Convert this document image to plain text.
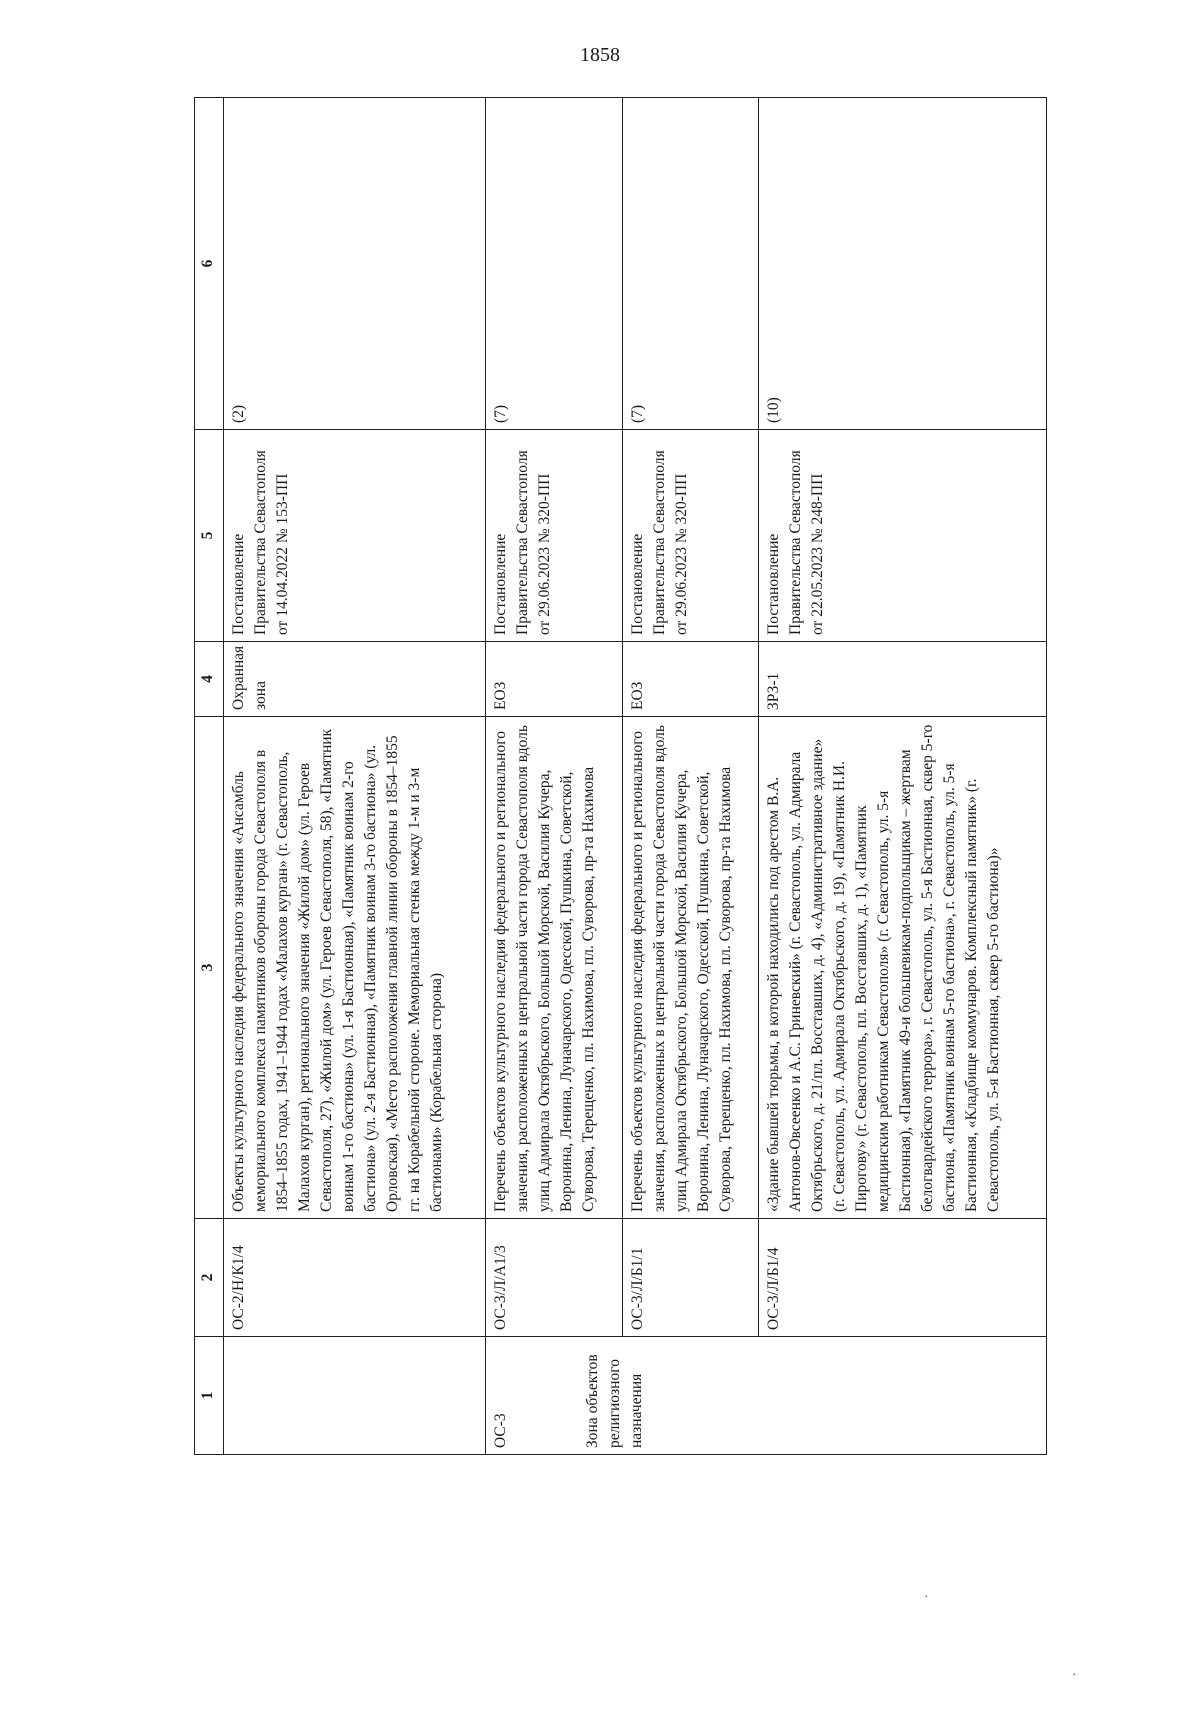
1858
1	2	3	4	5	6
	ОС-2/Н/К1/4	Объекты культурного наследия федерального значения «Ансамбль мемориального комплекса памятников обороны города Севастополя в 1854–1855 годах, 1941–1944 годах «Малахов курган» (г. Севастополь, Малахов курган), регионального значения «Жилой дом» (ул. Героев Севастополя, 27), «Жилой дом» (ул. Героев Севастополя, 58), «Памятник воинам 1-го бастиона» (ул. 1-я Бастионная), «Памятник воинам 2-го бастиона» (ул. 2-я Бастионная), «Памятник воинам 3-го бастиона» (ул. Орловская), «Место расположения главной линии обороны в 1854–1855 гг. на Корабельной стороне. Мемориальная стенка между 1-м и 3-м бастионами» (Корабельная сторона)	Охранная зона	Постановление Правительства Севастополя от 14.04.2022 № 153-ПП	(2)

ОС-3 Зона объектов религиозного назначения	ОС-3/Л/А1/3	Перечень объектов культурного наследия федерального и регионального значения, расположенных в центральной части города Севастополя вдоль улиц Адмирала Октябрьского, Большой Морской, Василия Кучера, Воронина, Ленина, Луначарского, Одесской, Пушкина, Советской, Суворова, Терещенко, пл. Нахимова, пл. Суворова, пр-та Нахимова	ЕОЗ	Постановление Правительства Севастополя от 29.06.2023 № 320-ПП	(7)
	ОС-3/Л/Б1/1	Перечень объектов культурного наследия федерального и регионального значения, расположенных в центральной части города Севастополя вдоль улиц Адмирала Октябрьского, Большой Морской, Василия Кучера, Воронина, Ленина, Луначарского, Одесской, Пушкина, Советской, Суворова, Терещенко, пл. Нахимова, пл. Суворова, пр-та Нахимова	ЕОЗ	Постановление Правительства Севастополя от 29.06.2023 № 320-ПП	(7)
	ОС-3/Л/Б1/4	«Здание бывшей тюрьмы, в которой находились под арестом В.А. Антонов-Овсеенко и А.С. Гриневский» (г. Севастополь, ул. Адмирала Октябрьского, д. 21/пл. Восставших, д. 4), «Административное здание» (г. Севастополь, ул. Адмирала Октябрьского, д. 19), «Памятник Н.И. Пирогову» (г. Севастополь, пл. Восставших, д. 1), «Памятник медицинским работникам Севастополя» (г. Севастополь, ул. 5-я Бастионная), «Памятник 49-и большевикам-подпольщикам – жертвам белогвардейского террора», г. Севастополь, ул. 5-я Бастионная, сквер 5-го бастиона, «Памятник воинам 5-го бастиона», г. Севастополь, ул. 5-я Бастионная, «Кладбище коммунаров. Комплексный памятник» (г. Севастополь, ул. 5-я Бастионная, сквер 5-го бастиона)»	ЗРЗ-1	Постановление Правительства Севастополя от 22.05.2023 № 248-ПП	(10)
·
·
